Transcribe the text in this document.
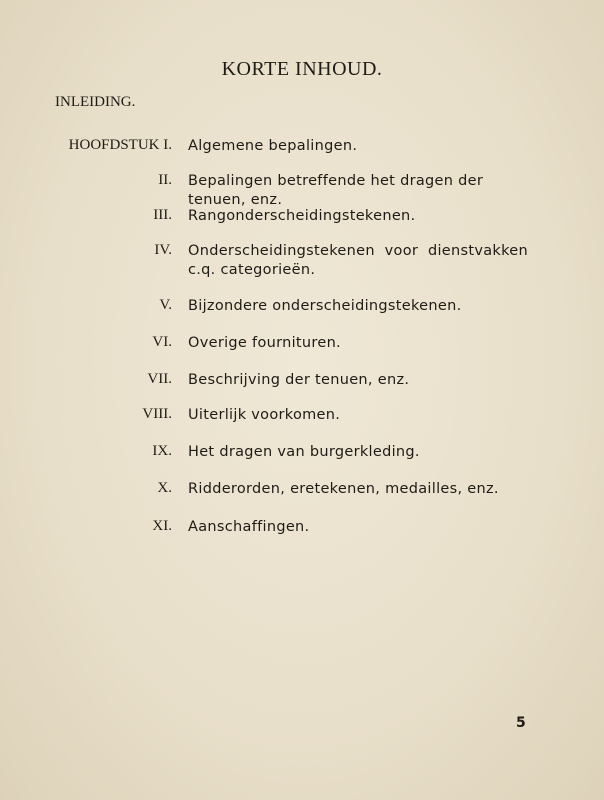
KORTE INHOUD.
INLEIDING.
HOOFDSTUK I. Algemene bepalingen.
II. Bepalingen betreffende het dragen der tenuen, enz.
III. Rangonderscheidingstekenen.
IV. Onderscheidingstekenen voor dienstvakken c.q. categorieën.
V. Bijzondere onderscheidingstekenen.
VI. Overige fournituren.
VII. Beschrijving der tenuen, enz.
VIII. Uiterlijk voorkomen.
IX. Het dragen van burgerkleding.
X. Ridderorden, eretekenen, medailles, enz.
XI. Aanschaffingen.
5
